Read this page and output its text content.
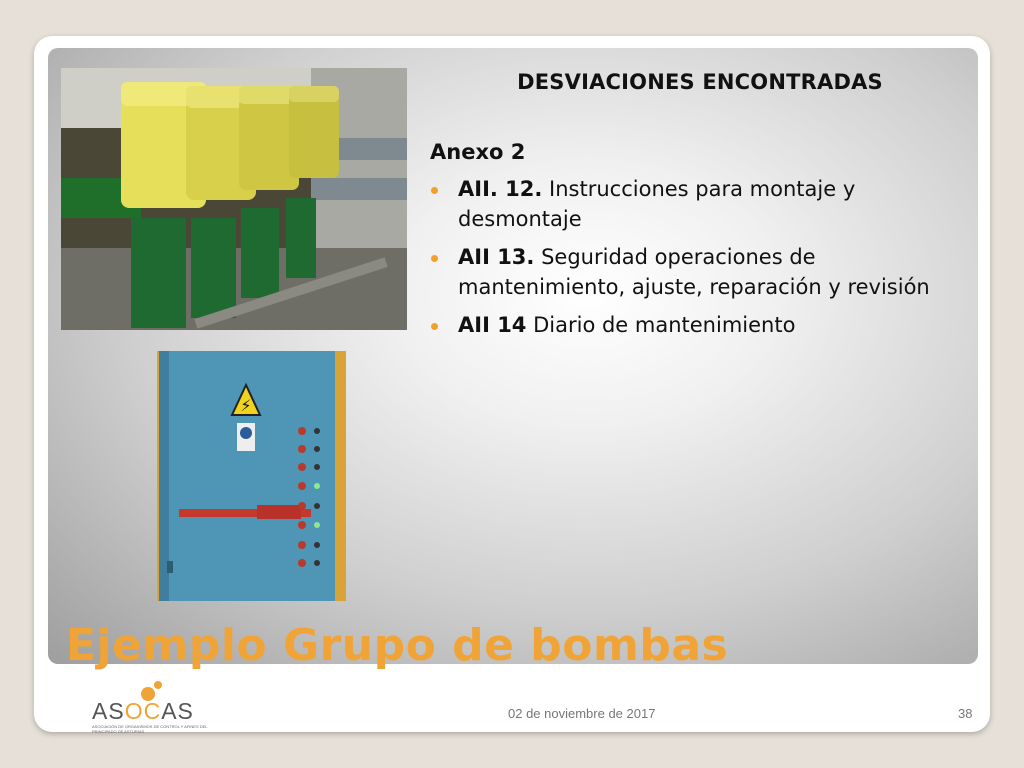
⚡
DESVIACIONES ENCONTRADAS
Anexo 2
AII. 12. Instrucciones para montaje y desmontaje
AII 13. Seguridad operaciones de mantenimiento, ajuste, reparación y revisión
AII 14 Diario de mantenimiento
Ejemplo Grupo de bombas
ASOCAS
ASOCIACIÓN DE ORGANISMOS DE CONTROL Y AFINES DEL PRINCIPADO DE ASTURIAS
02 de noviembre de 2017	38
